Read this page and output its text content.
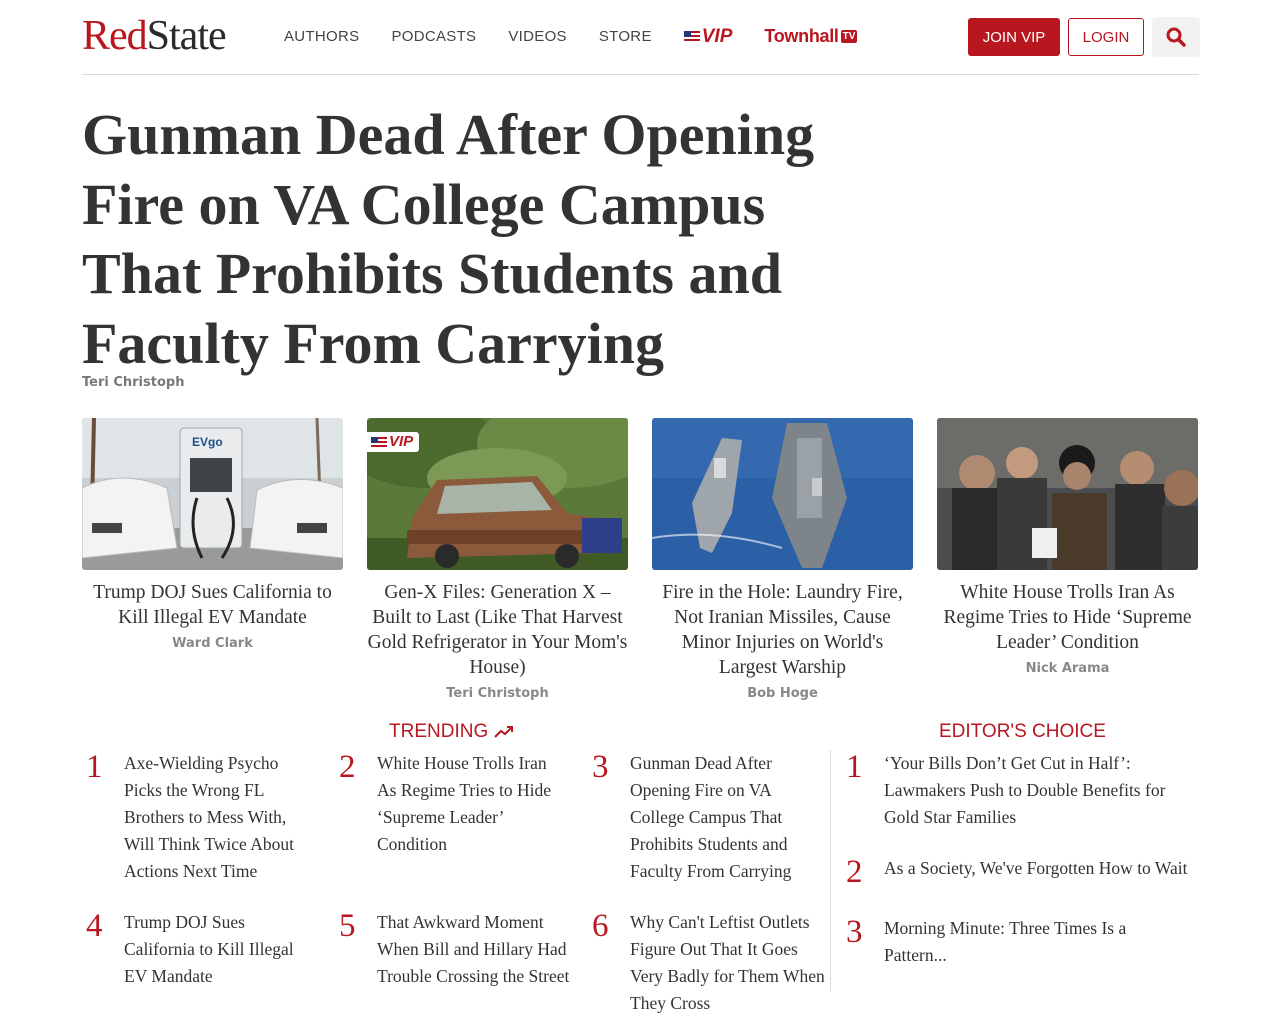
RedState	AUTHORS PODCASTS VIDEOS STORE	VIP Townhall TV	JOIN VIP	LOGIN
Gunman Dead After Opening Fire on VA College Campus That Prohibits Students and Faculty From Carrying
Teri Christoph
EVgo
Trump DOJ Sues California to Kill Illegal EV Mandate
Ward Clark
VIP
Gen-X Files: Generation X – Built to Last (Like That Harvest Gold Refrigerator in Your Mom's House)
Teri Christoph
Fire in the Hole: Laundry Fire, Not Iranian Missiles, Cause Minor Injuries on World's Largest Warship
Bob Hoge
White House Trolls Iran As Regime Tries to Hide ‘Supreme Leader’ Condition
Nick Arama
TRENDING	EDITOR'S CHOICE
1	Axe-Wielding Psycho Picks the Wrong FL Brothers to Mess With, Will Think Twice About Actions Next Time
2	White House Trolls Iran As Regime Tries to Hide ‘Supreme Leader’ Condition
3	Gunman Dead After Opening Fire on VA College Campus That Prohibits Students and Faculty From Carrying
4	Trump DOJ Sues California to Kill Illegal EV Mandate
5	That Awkward Moment When Bill and Hillary Had Trouble Crossing the Street
6	Why Can't Leftist Outlets Figure Out That It Goes Very Badly for Them When They Cross
1	‘Your Bills Don’t Get Cut in Half’: Lawmakers Push to Double Benefits for Gold Star Families
2	As a Society, We've Forgotten How to Wait
3	Morning Minute: Three Times Is a Pattern...
